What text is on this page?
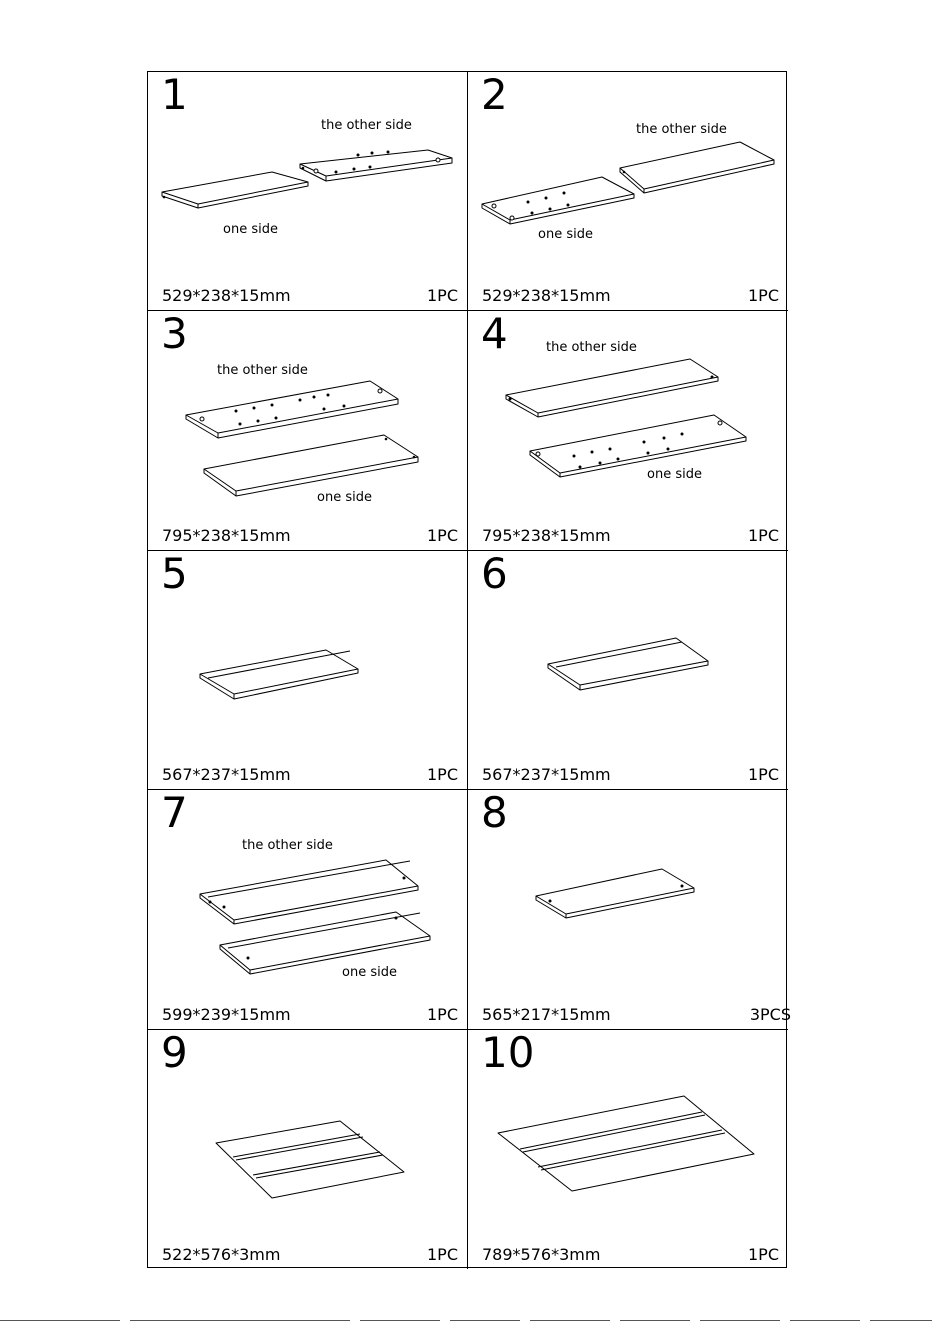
1
the other side
one side
529*238*15mm	1PC
2
the other side
one side
529*238*15mm	1PC
3
the other side
one side
795*238*15mm	1PC
4	the other side
one side
795*238*15mm	1PC
5
567*237*15mm	1PC
6
567*237*15mm	1PC
7
the other side
one side
599*239*15mm	1PC
8
565*217*15mm	3PCS
9
522*576*3mm	1PC
10
789*576*3mm	1PC
